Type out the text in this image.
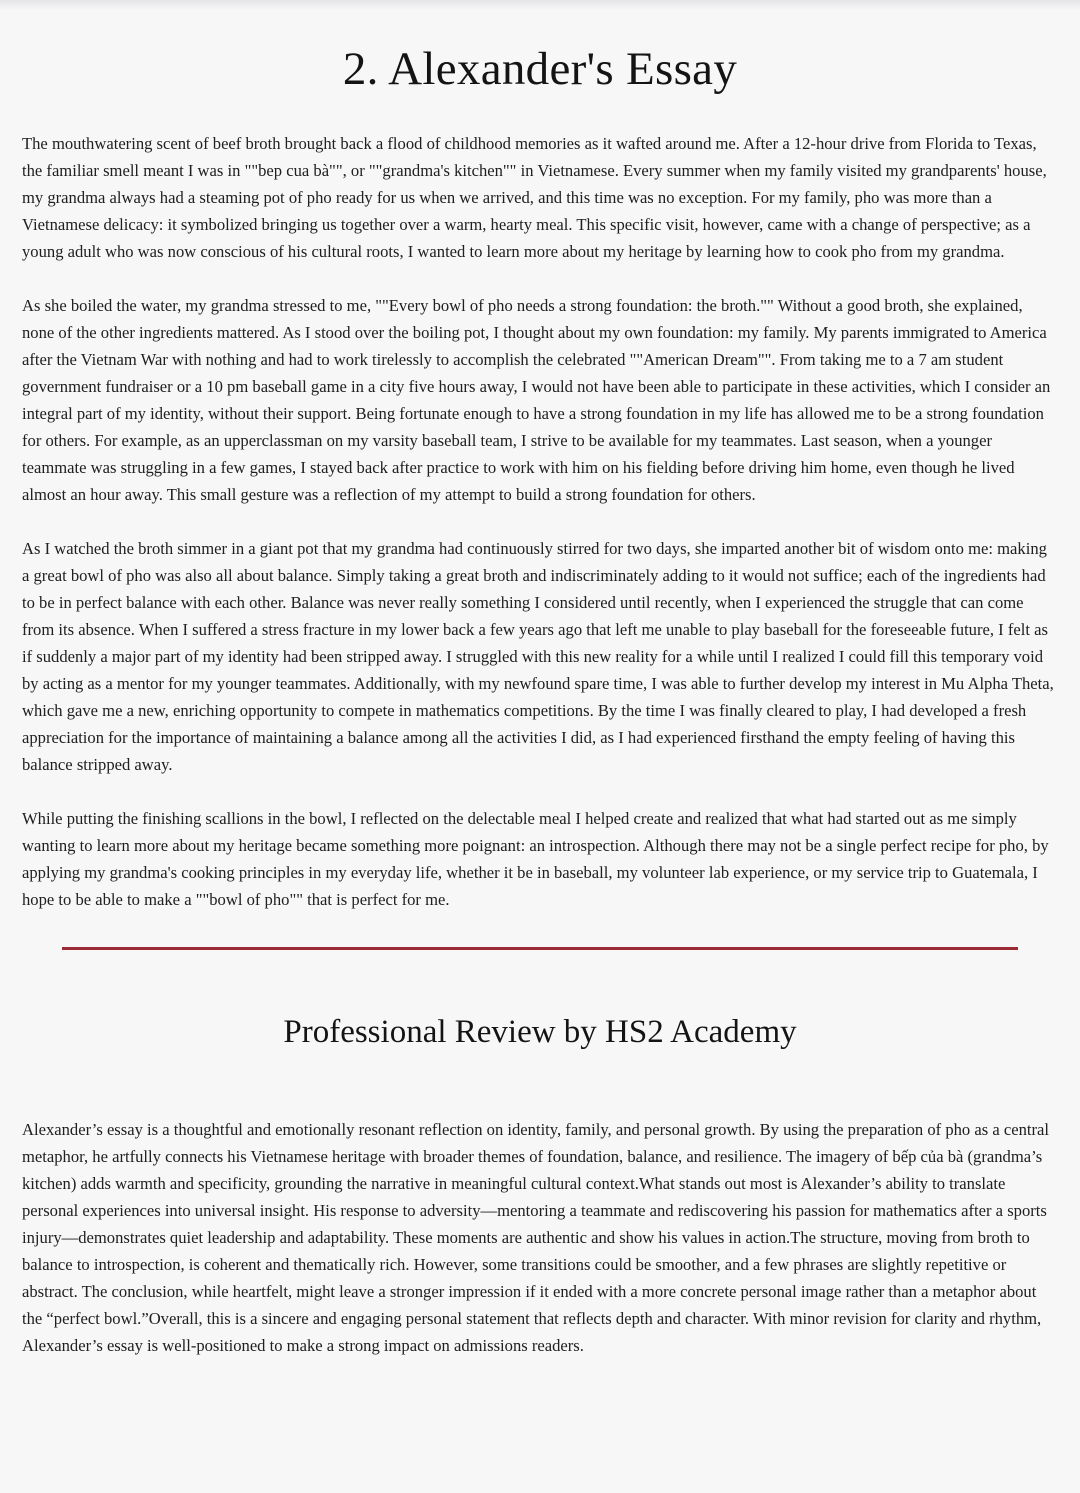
2. Alexander's Essay

The mouthwatering scent of beef broth brought back a flood of childhood memories as it wafted around me. After a 12-hour drive from Florida to Texas, the familiar smell meant I was in ""bep cua bà"", or ""grandma's kitchen"" in Vietnamese. Every summer when my family visited my grandparents' house, my grandma always had a steaming pot of pho ready for us when we arrived, and this time was no exception. For my family, pho was more than a Vietnamese delicacy: it symbolized bringing us together over a warm, hearty meal. This specific visit, however, came with a change of perspective; as a young adult who was now conscious of his cultural roots, I wanted to learn more about my heritage by learning how to cook pho from my grandma.

As she boiled the water, my grandma stressed to me, ""Every bowl of pho needs a strong foundation: the broth."" Without a good broth, she explained, none of the other ingredients mattered. As I stood over the boiling pot, I thought about my own foundation: my family. My parents immigrated to America after the Vietnam War with nothing and had to work tirelessly to accomplish the celebrated ""American Dream"". From taking me to a 7 am student government fundraiser or a 10 pm baseball game in a city five hours away, I would not have been able to participate in these activities, which I consider an integral part of my identity, without their support. Being fortunate enough to have a strong foundation in my life has allowed me to be a strong foundation for others. For example, as an upperclassman on my varsity baseball team, I strive to be available for my teammates. Last season, when a younger teammate was struggling in a few games, I stayed back after practice to work with him on his fielding before driving him home, even though he lived almost an hour away. This small gesture was a reflection of my attempt to build a strong foundation for others.

As I watched the broth simmer in a giant pot that my grandma had continuously stirred for two days, she imparted another bit of wisdom onto me: making a great bowl of pho was also all about balance. Simply taking a great broth and indiscriminately adding to it would not suffice; each of the ingredients had to be in perfect balance with each other. Balance was never really something I considered until recently, when I experienced the struggle that can come from its absence. When I suffered a stress fracture in my lower back a few years ago that left me unable to play baseball for the foreseeable future, I felt as if suddenly a major part of my identity had been stripped away. I struggled with this new reality for a while until I realized I could fill this temporary void by acting as a mentor for my younger teammates. Additionally, with my newfound spare time, I was able to further develop my interest in Mu Alpha Theta, which gave me a new, enriching opportunity to compete in mathematics competitions. By the time I was finally cleared to play, I had developed a fresh appreciation for the importance of maintaining a balance among all the activities I did, as I had experienced firsthand the empty feeling of having this balance stripped away.

While putting the finishing scallions in the bowl, I reflected on the delectable meal I helped create and realized that what had started out as me simply wanting to learn more about my heritage became something more poignant: an introspection. Although there may not be a single perfect recipe for pho, by applying my grandma's cooking principles in my everyday life, whether it be in baseball, my volunteer lab experience, or my service trip to Guatemala, I hope to be able to make a ""bowl of pho"" that is perfect for me.

Professional Review by HS2 Academy

Alexander’s essay is a thoughtful and emotionally resonant reflection on identity, family, and personal growth. By using the preparation of pho as a central metaphor, he artfully connects his Vietnamese heritage with broader themes of foundation, balance, and resilience. The imagery of bếp của bà (grandma’s kitchen) adds warmth and specificity, grounding the narrative in meaningful cultural context.What stands out most is Alexander’s ability to translate personal experiences into universal insight. His response to adversity—mentoring a teammate and rediscovering his passion for mathematics after a sports injury—demonstrates quiet leadership and adaptability. These moments are authentic and show his values in action.The structure, moving from broth to balance to introspection, is coherent and thematically rich. However, some transitions could be smoother, and a few phrases are slightly repetitive or abstract. The conclusion, while heartfelt, might leave a stronger impression if it ended with a more concrete personal image rather than a metaphor about the “perfect bowl.”Overall, this is a sincere and engaging personal statement that reflects depth and character. With minor revision for clarity and rhythm, Alexander’s essay is well-positioned to make a strong impact on admissions readers.
